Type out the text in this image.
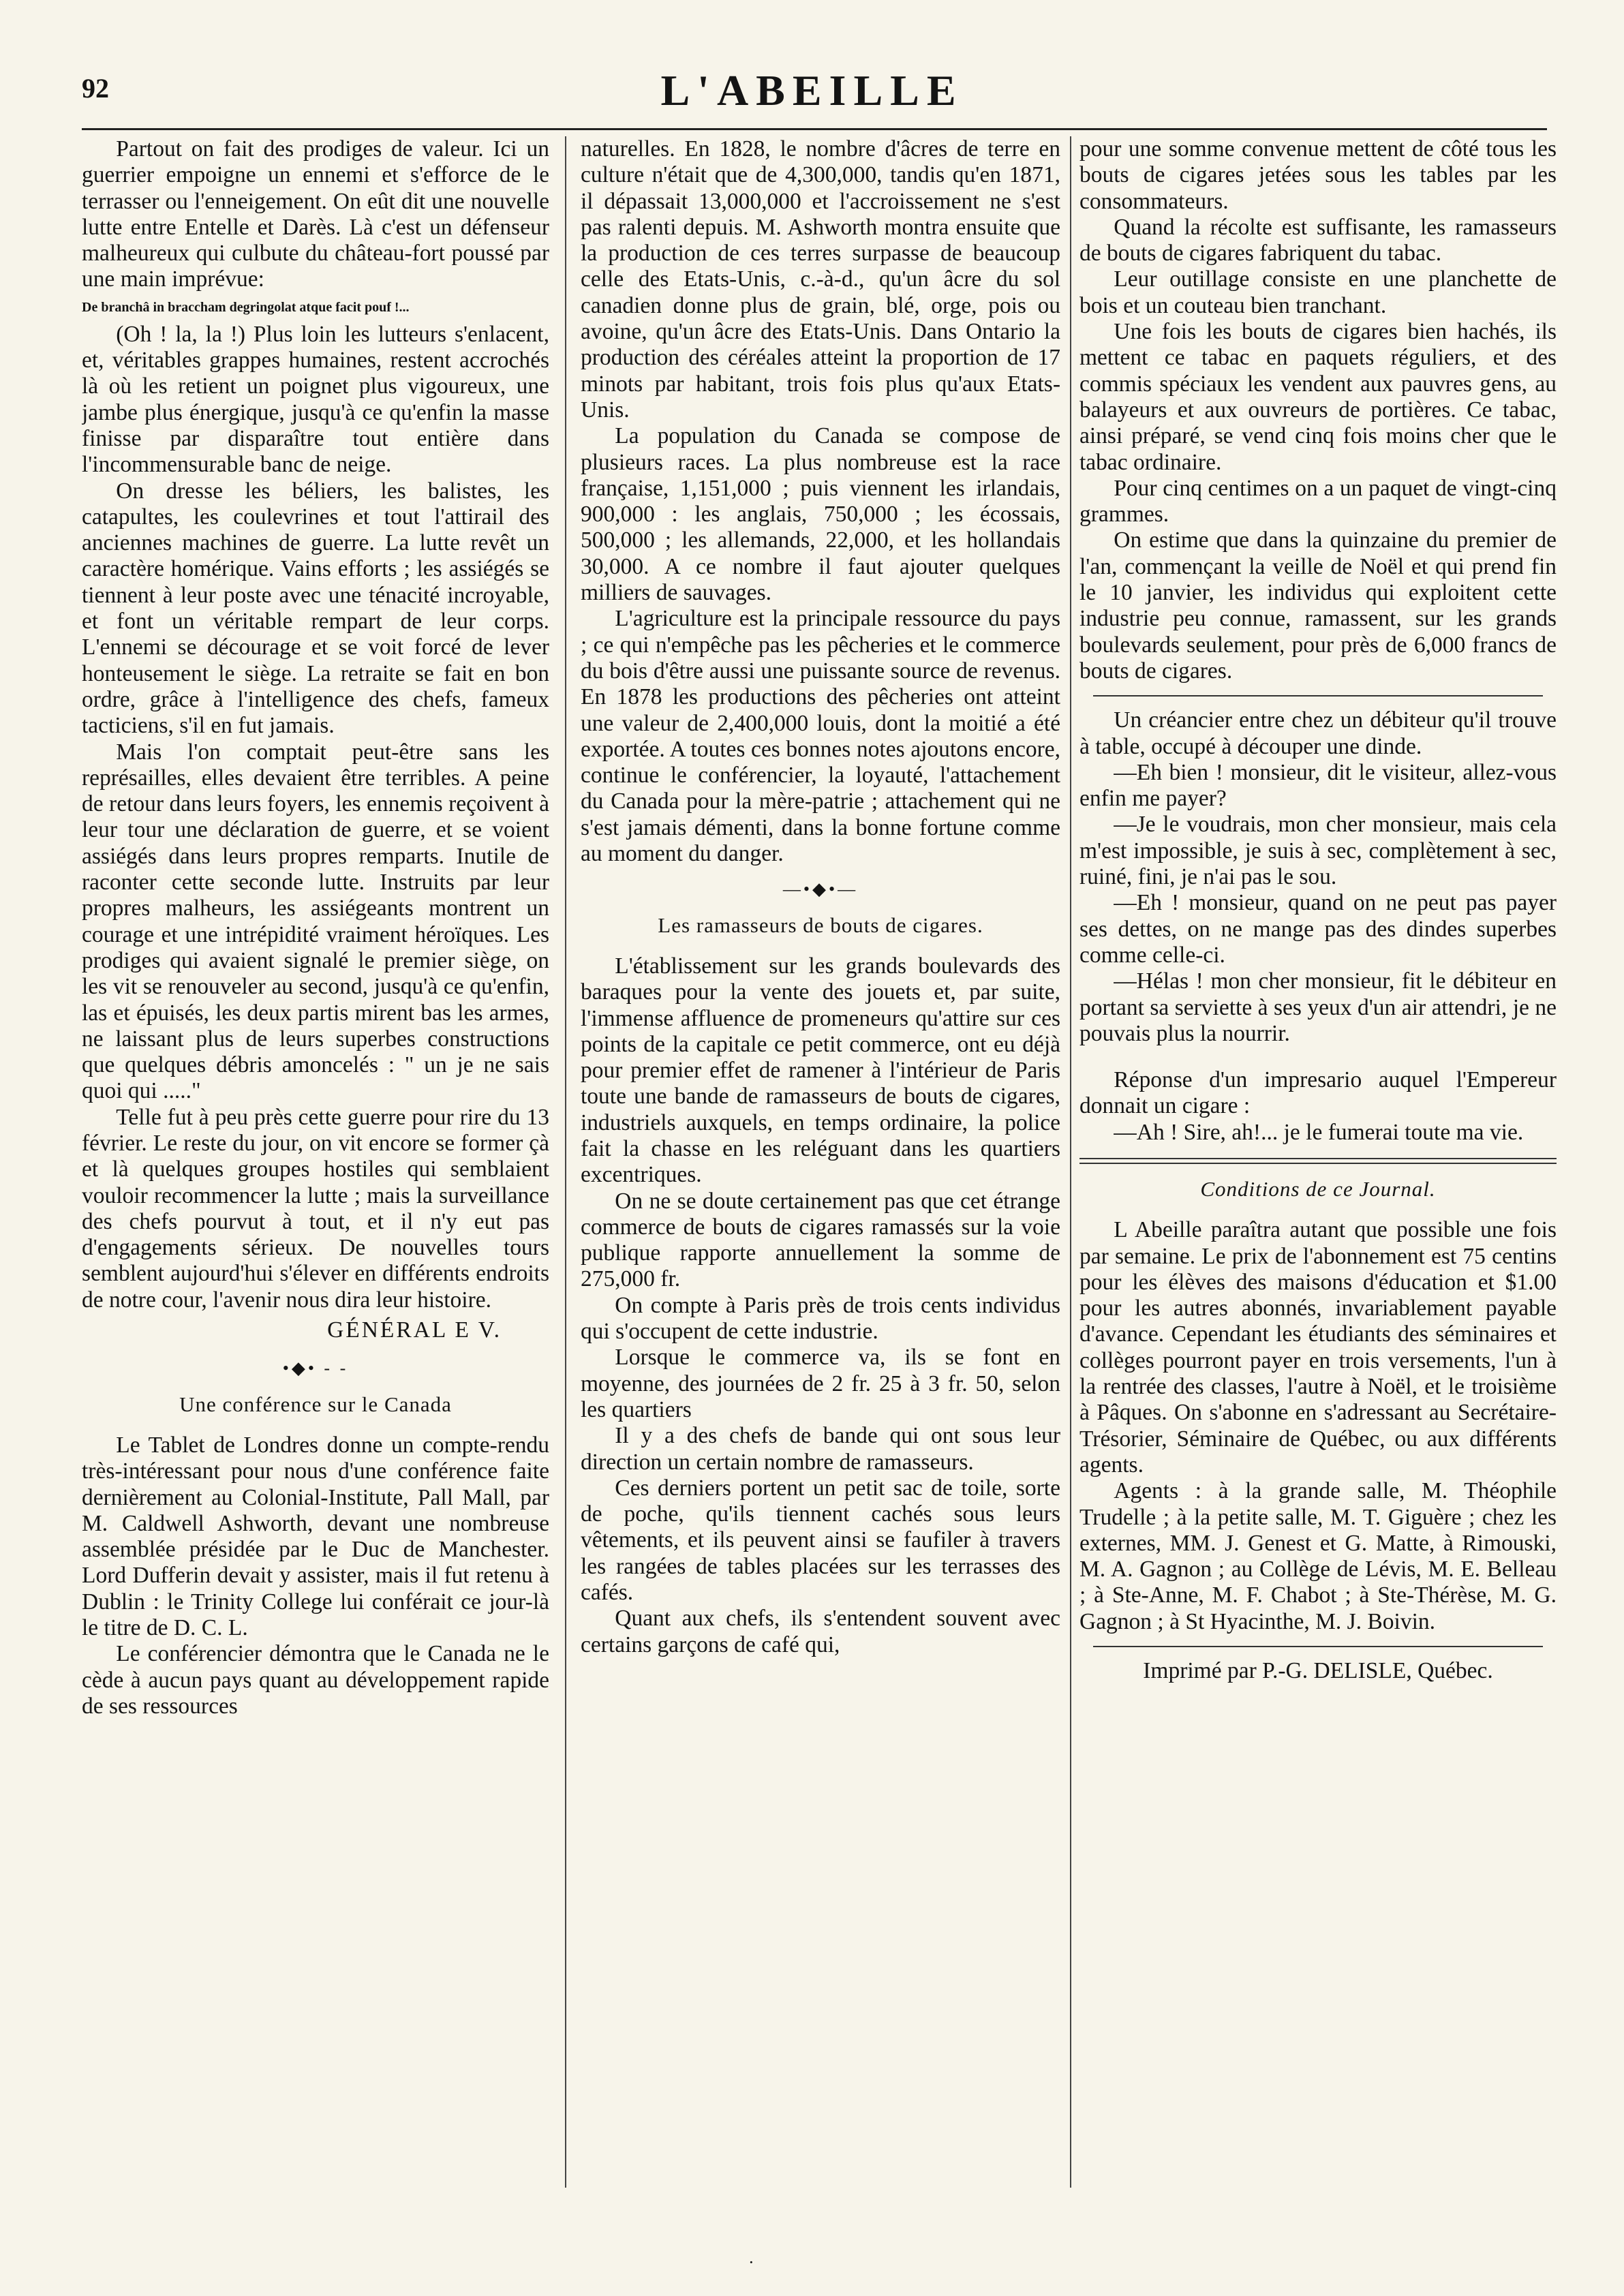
92	L'ABEILLE

Partout on fait des prodiges de valeur. Ici un guerrier empoigne un ennemi et s'efforce de le terrasser ou l'enneigement. On eût dit une nouvelle lutte entre Entelle et Darès. Là c'est un défenseur malheureux qui culbute du château-fort poussé par une main imprévue:

De branchâ in braccham degringolat atque facit pouf !...

(Oh ! la, la !) Plus loin les lutteurs s'enlacent, et, véritables grappes humaines, restent accrochés là où les retient un poignet plus vigoureux, une jambe plus énergique, jusqu'à ce qu'enfin la masse finisse par disparaître tout entière dans l'incommensurable banc de neige.

On dresse les béliers, les balistes, les catapultes, les coulevrines et tout l'attirail des anciennes machines de guerre. La lutte revêt un caractère homérique. Vains efforts ; les assiégés se tiennent à leur poste avec une ténacité incroyable, et font un véritable rempart de leur corps. L'ennemi se décourage et se voit forcé de lever honteusement le siège. La retraite se fait en bon ordre, grâce à l'intelligence des chefs, fameux tacticiens, s'il en fut jamais.

Mais l'on comptait peut-être sans les représailles, elles devaient être terribles. A peine de retour dans leurs foyers, les ennemis reçoivent à leur tour une déclaration de guerre, et se voient assiégés dans leurs propres remparts. Inutile de raconter cette seconde lutte. Instruits par leur propres malheurs, les assiégeants montrent un courage et une intrépidité vraiment héroïques. Les prodiges qui avaient signalé le premier siège, on les vit se renouveler au second, jusqu'à ce qu'enfin, las et épuisés, les deux partis mirent bas les armes, ne laissant plus de leurs superbes constructions que quelques débris amoncelés : " un je ne sais quoi qui ....."

Telle fut à peu près cette guerre pour rire du 13 février. Le reste du jour, on vit encore se former çà et là quelques groupes hostiles qui semblaient vouloir recommencer la lutte ; mais la surveillance des chefs pourvut à tout, et il n'y eut pas d'engagements sérieux. De nouvelles tours semblent aujourd'hui s'élever en différents endroits de notre cour, l'avenir nous dira leur histoire.

GÉNÉRAL E V.

•◆• - -
Une conférence sur le Canada

Le Tablet de Londres donne un compte-rendu très-intéressant pour nous d'une conférence faite dernièrement au Colonial-Institute, Pall Mall, par M. Caldwell Ashworth, devant une nombreuse assemblée présidée par le Duc de Manchester. Lord Dufferin devait y assister, mais il fut retenu à Dublin : le Trinity College lui conférait ce jour-là le titre de D. C. L.

Le conférencier démontra que le Canada ne le cède à aucun pays quant au développement rapide de ses ressources

naturelles. En 1828, le nombre d'âcres de terre en culture n'était que de 4,300,000, tandis qu'en 1871, il dépassait 13,000,000 et l'accroissement ne s'est pas ralenti depuis. M. Ashworth montra ensuite que la production de ces terres surpasse de beaucoup celle des Etats-Unis, c.-à-d., qu'un âcre du sol canadien donne plus de grain, blé, orge, pois ou avoine, qu'un âcre des Etats-Unis. Dans Ontario la production des céréales atteint la proportion de 17 minots par habitant, trois fois plus qu'aux Etats-Unis.

La population du Canada se compose de plusieurs races. La plus nombreuse est la race française, 1,151,000 ; puis viennent les irlandais, 900,000 : les anglais, 750,000 ; les écossais, 500,000 ; les allemands, 22,000, et les hollandais 30,000. A ce nombre il faut ajouter quelques milliers de sauvages.

L'agriculture est la principale ressource du pays ; ce qui n'empêche pas les pêcheries et le commerce du bois d'être aussi une puissante source de revenus. En 1878 les productions des pêcheries ont atteint une valeur de 2,400,000 louis, dont la moitié a été exportée. A toutes ces bonnes notes ajoutons encore, continue le conférencier, la loyauté, l'attachement du Canada pour la mère-patrie ; attachement qui ne s'est jamais démenti, dans la bonne fortune comme au moment du danger.

—•◆•—
Les ramasseurs de bouts de cigares.

L'établissement sur les grands boulevards des baraques pour la vente des jouets et, par suite, l'immense affluence de promeneurs qu'attire sur ces points de la capitale ce petit commerce, ont eu déjà pour premier effet de ramener à l'intérieur de Paris toute une bande de ramasseurs de bouts de cigares, industriels auxquels, en temps ordinaire, la police fait la chasse en les reléguant dans les quartiers excentriques.

On ne se doute certainement pas que cet étrange commerce de bouts de cigares ramassés sur la voie publique rapporte annuellement la somme de 275,000 fr.

On compte à Paris près de trois cents individus qui s'occupent de cette industrie.

Lorsque le commerce va, ils se font en moyenne, des journées de 2 fr. 25 à 3 fr. 50, selon les quartiers

Il y a des chefs de bande qui ont sous leur direction un certain nombre de ramasseurs.

Ces derniers portent un petit sac de toile, sorte de poche, qu'ils tiennent cachés sous leurs vêtements, et ils peuvent ainsi se faufiler à travers les rangées de tables placées sur les terrasses des cafés.

Quant aux chefs, ils s'entendent souvent avec certains garçons de café qui,

pour une somme convenue mettent de côté tous les bouts de cigares jetées sous les tables par les consommateurs.

Quand la récolte est suffisante, les ramasseurs de bouts de cigares fabriquent du tabac.

Leur outillage consiste en une planchette de bois et un couteau bien tranchant.

Une fois les bouts de cigares bien hachés, ils mettent ce tabac en paquets réguliers, et des commis spéciaux les vendent aux pauvres gens, au balayeurs et aux ouvreurs de portières. Ce tabac, ainsi préparé, se vend cinq fois moins cher que le tabac ordinaire.

Pour cinq centimes on a un paquet de vingt-cinq grammes.

On estime que dans la quinzaine du premier de l'an, commençant la veille de Noël et qui prend fin le 10 janvier, les individus qui exploitent cette industrie peu connue, ramassent, sur les grands boulevards seulement, pour près de 6,000 francs de bouts de cigares.

Un créancier entre chez un débiteur qu'il trouve à table, occupé à découper une dinde.

—Eh bien ! monsieur, dit le visiteur, allez-vous enfin me payer?

—Je le voudrais, mon cher monsieur, mais cela m'est impossible, je suis à sec, complètement à sec, ruiné, fini, je n'ai pas le sou.

—Eh ! monsieur, quand on ne peut pas payer ses dettes, on ne mange pas des dindes superbes comme celle-ci.

—Hélas ! mon cher monsieur, fit le débiteur en portant sa serviette à ses yeux d'un air attendri, je ne pouvais plus la nourrir.

Réponse d'un impresario auquel l'Empereur donnait un cigare :

—Ah ! Sire, ah!... je le fumerai toute ma vie.

Conditions de ce Journal.

L Abeille paraîtra autant que possible une fois par semaine. Le prix de l'abonnement est 75 centins pour les élèves des maisons d'éducation et $1.00 pour les autres abonnés, invariablement payable d'avance. Cependant les étudiants des séminaires et collèges pourront payer en trois versements, l'un à la rentrée des classes, l'autre à Noël, et le troisième à Pâques. On s'abonne en s'adressant au Secrétaire-Trésorier, Séminaire de Québec, ou aux différents agents.

Agents : à la grande salle, M. Théophile Trudelle ; à la petite salle, M. T. Giguère ; chez les externes, MM. J. Genest et G. Matte, à Rimouski, M. A. Gagnon ; au Collège de Lévis, M. E. Belleau ; à Ste-Anne, M. F. Chabot ; à Ste-Thérèse, M. G. Gagnon ; à St Hyacinthe, M. J. Boivin.

Imprimé par P.-G. DELISLE, Québec.

·
